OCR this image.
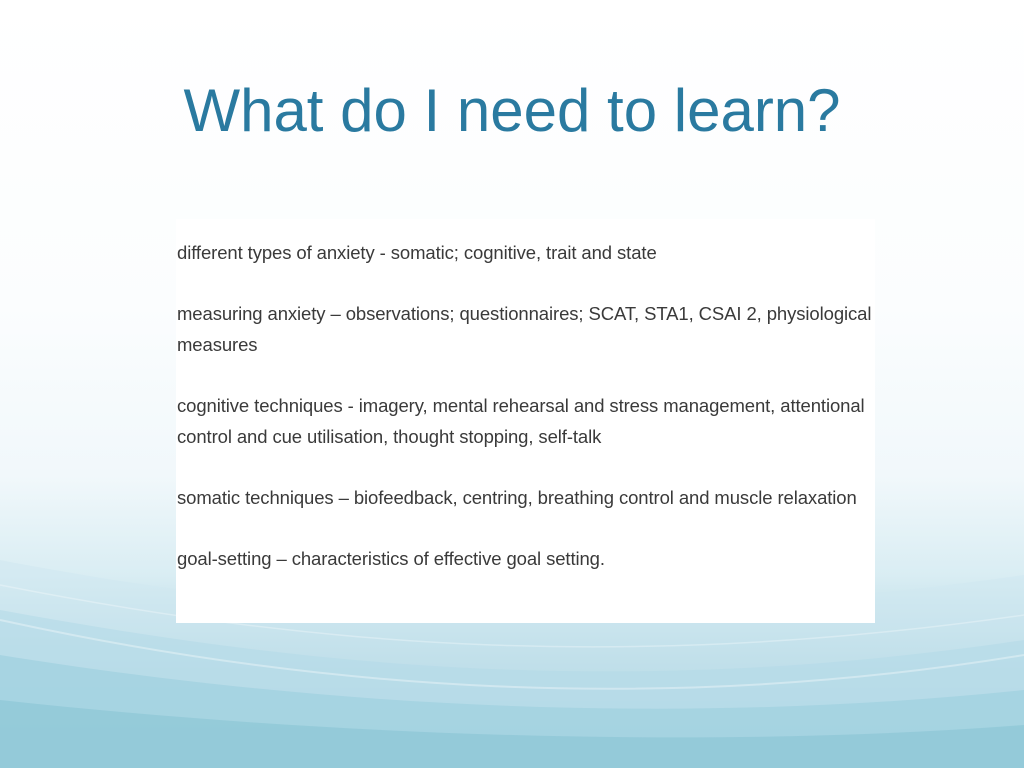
What do I need to learn?

different types of anxiety - somatic; cognitive, trait and state

measuring anxiety – observations; questionnaires; SCAT, STA1, CSAI 2, physiological measures

cognitive techniques - imagery, mental rehearsal and stress management, attentional control and cue utilisation, thought stopping, self-talk

somatic techniques – biofeedback, centring, breathing control and muscle relaxation

goal-setting – characteristics of effective goal setting.
